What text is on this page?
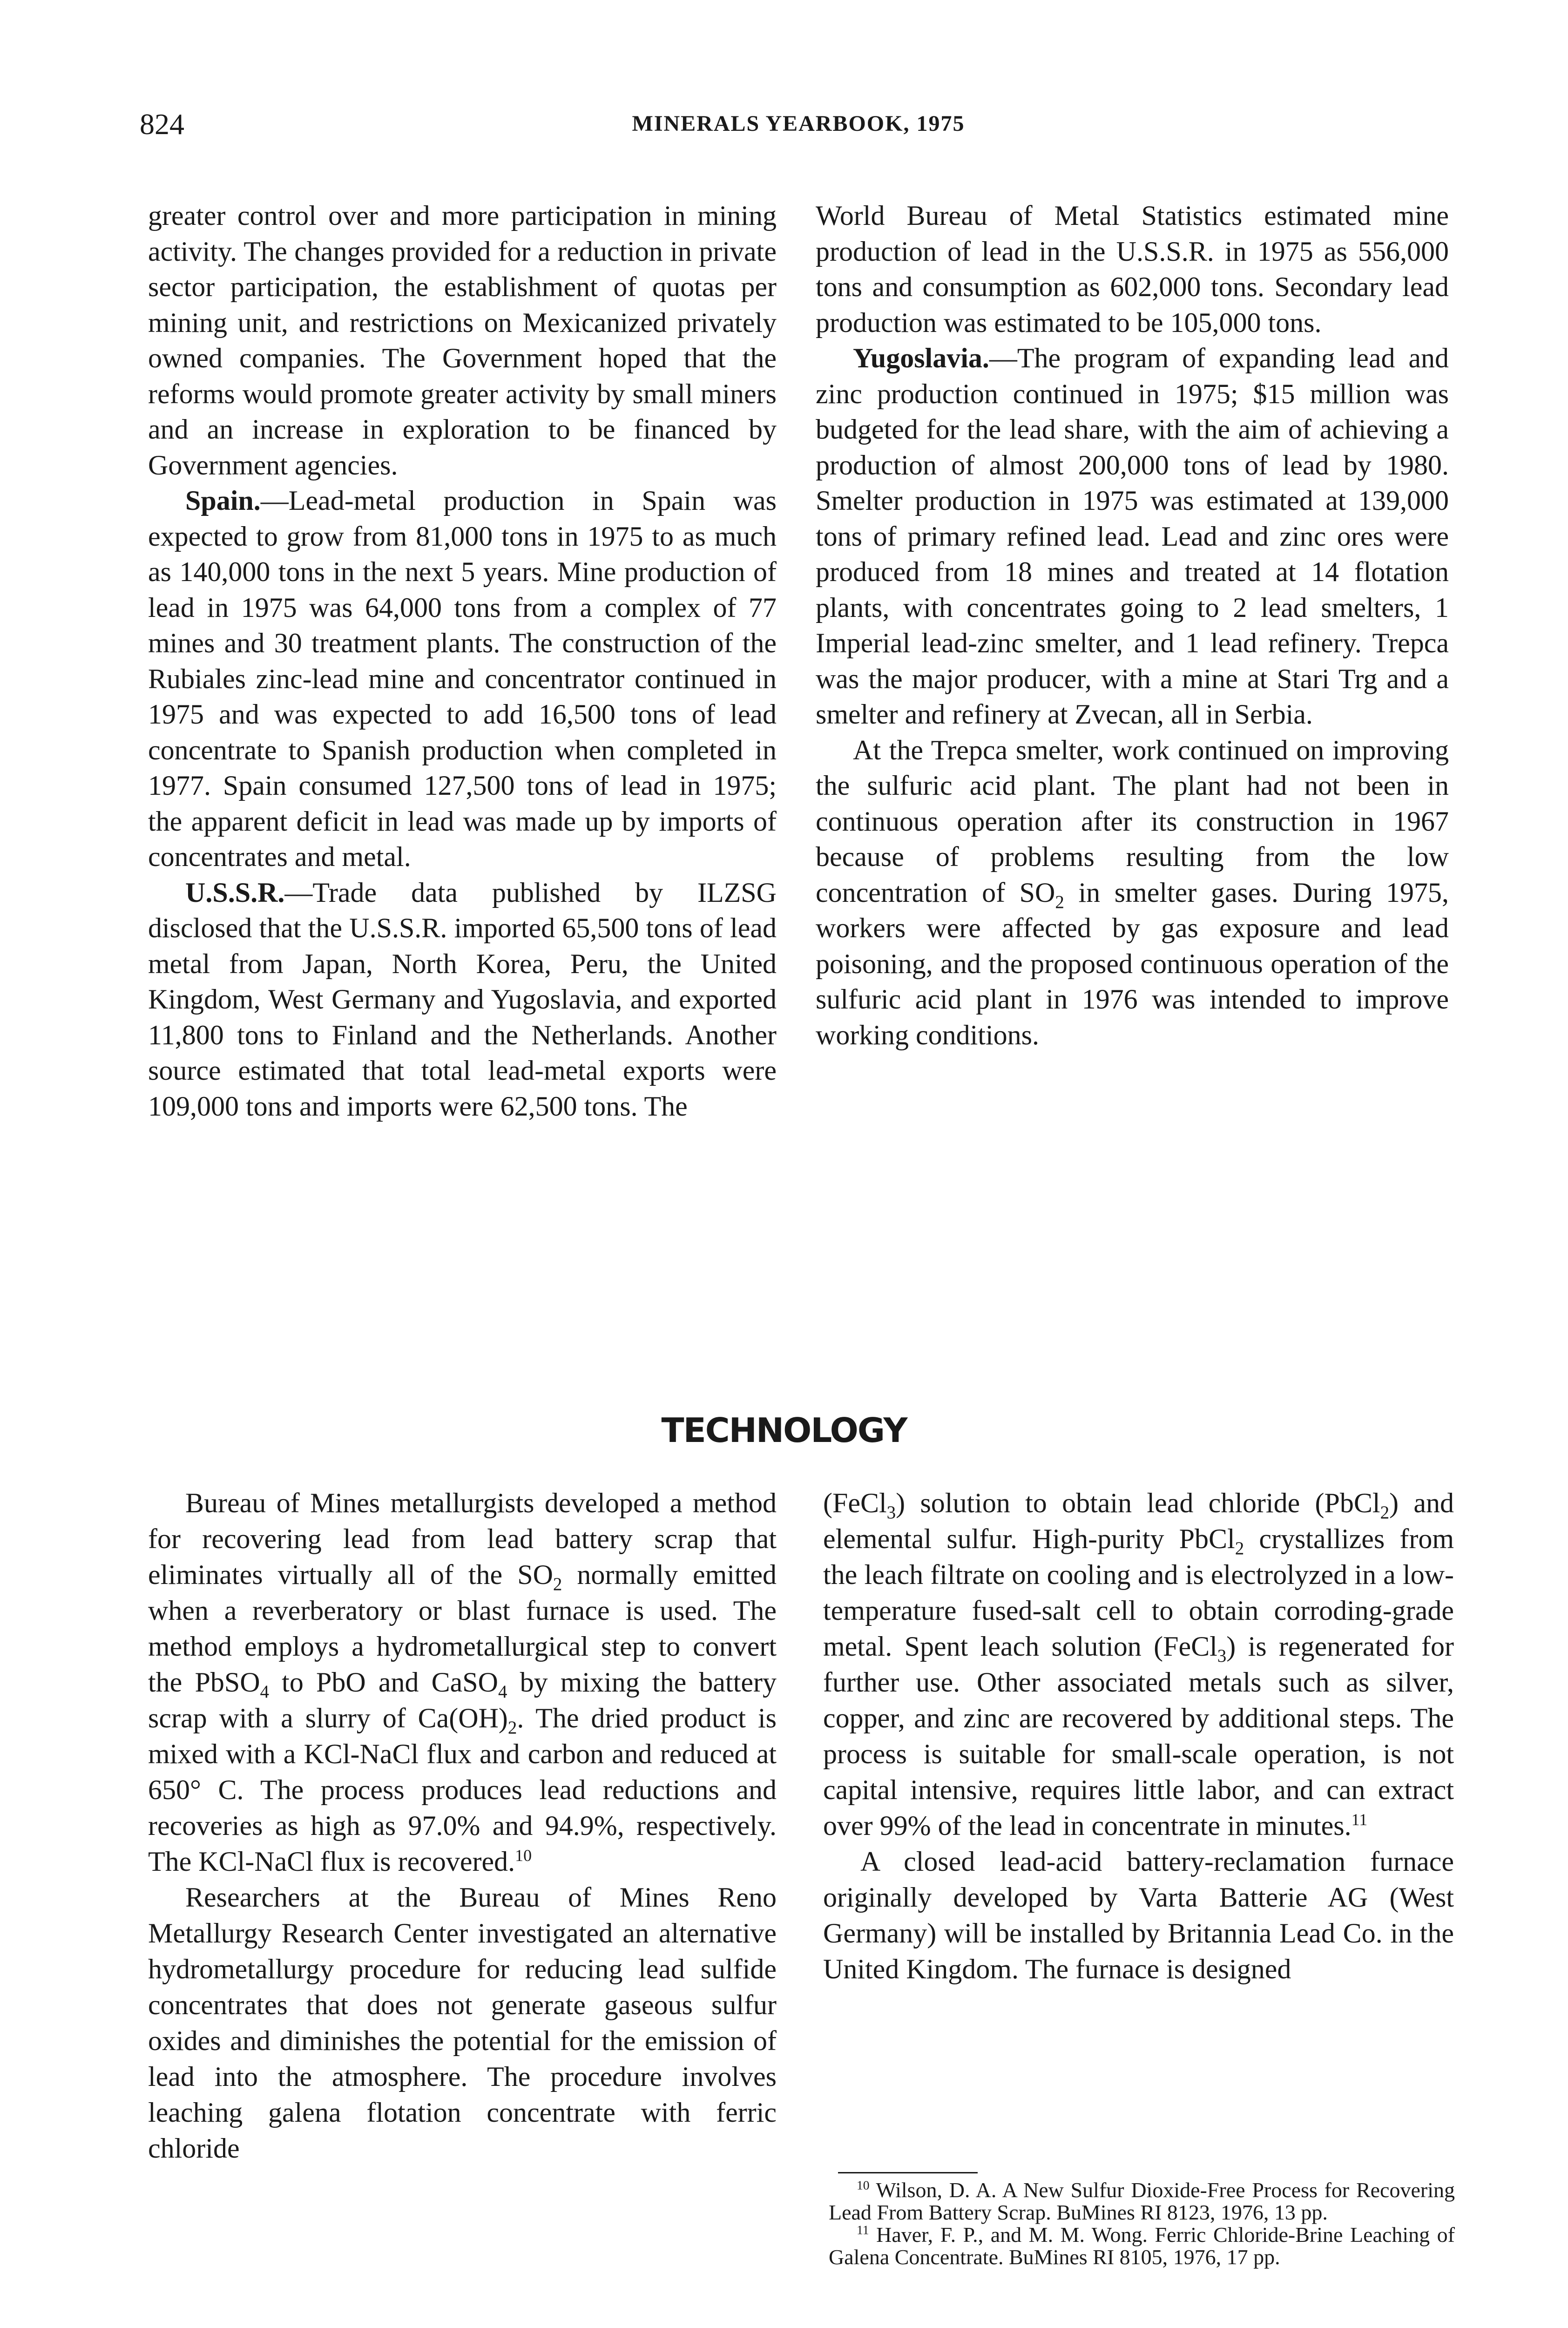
824	MINERALS YEARBOOK, 1975

greater control over and more participation in mining activity. The changes provided for a reduction in private sector participation, the establishment of quotas per mining unit, and restrictions on Mexicanized privately owned companies. The Government hoped that the reforms would promote greater activity by small miners and an increase in exploration to be financed by Government agencies.

Spain.—Lead-metal production in Spain was expected to grow from 81,000 tons in 1975 to as much as 140,000 tons in the next 5 years. Mine production of lead in 1975 was 64,000 tons from a complex of 77 mines and 30 treatment plants. The construction of the Rubiales zinc-lead mine and concentrator continued in 1975 and was expected to add 16,500 tons of lead concentrate to Spanish production when completed in 1977. Spain consumed 127,500 tons of lead in 1975; the apparent deficit in lead was made up by imports of concentrates and metal.

U.S.S.R.—Trade data published by ILZSG disclosed that the U.S.S.R. imported 65,500 tons of lead metal from Japan, North Korea, Peru, the United Kingdom, West Germany and Yugoslavia, and exported 11,800 tons to Finland and the Netherlands. Another source estimated that total lead-metal exports were 109,000 tons and imports were 62,500 tons. The

World Bureau of Metal Statistics estimated mine production of lead in the U.S.S.R. in 1975 as 556,000 tons and consumption as 602,000 tons. Secondary lead production was estimated to be 105,000 tons.

Yugoslavia.—The program of expanding lead and zinc production continued in 1975; $15 million was budgeted for the lead share, with the aim of achieving a production of almost 200,000 tons of lead by 1980. Smelter production in 1975 was estimated at 139,000 tons of primary refined lead. Lead and zinc ores were produced from 18 mines and treated at 14 flotation plants, with concentrates going to 2 lead smelters, 1 Imperial lead-zinc smelter, and 1 lead refinery. Trepca was the major producer, with a mine at Stari Trg and a smelter and refinery at Zvecan, all in Serbia.

At the Trepca smelter, work continued on improving the sulfuric acid plant. The plant had not been in continuous operation after its construction in 1967 because of problems resulting from the low concentration of $SO_2$ in smelter gases. During 1975, workers were affected by gas exposure and lead poisoning, and the proposed continuous operation of the sulfuric acid plant in 1976 was intended to improve working conditions.

TECHNOLOGY

Bureau of Mines metallurgists developed a method for recovering lead from lead battery scrap that eliminates virtually all of the $SO_2$ normally emitted when a reverberatory or blast furnace is used. The method employs a hydrometallurgical step to convert the PbSO$_4$ to PbO and CaSO$_4$ by mixing the battery scrap with a slurry of $Ca(OH)_2$. The dried product is mixed with a KCl-NaCl flux and carbon and reduced at 650° C. The process produces lead reductions and recoveries as high as 97.0% and 94.9%, respectively. The KCl-NaCl flux is recovered.$^{10}$

Researchers at the Bureau of Mines Reno Metallurgy Research Center investigated an alternative hydrometallurgy procedure for reducing lead sulfide concentrates that does not generate gaseous sulfur oxides and diminishes the potential for the emission of lead into the atmosphere. The procedure involves leaching galena flotation concentrate with ferric chloride

(FeCl$_3$) solution to obtain lead chloride (PbCl$_2$) and elemental sulfur. High-purity PbCl$_2$ crystallizes from the leach filtrate on cooling and is electrolyzed in a low-temperature fused-salt cell to obtain corroding-grade metal. Spent leach solution (FeCl$_3$) is regenerated for further use. Other associated metals such as silver, copper, and zinc are recovered by additional steps. The process is suitable for small-scale operation, is not capital intensive, requires little labor, and can extract over 99% of the lead in concentrate in minutes.$^{11}$

A closed lead-acid battery-reclamation furnace originally developed by Varta Batterie AG (West Germany) will be installed by Britannia Lead Co. in the United Kingdom. The furnace is designed

$^{10}$ Wilson, D. A. A New Sulfur Dioxide-Free Process for Recovering Lead From Battery Scrap. BuMines RI 8123, 1976, 13 pp.

$^{11}$ Haver, F. P., and M. M. Wong. Ferric Chloride-Brine Leaching of Galena Concentrate. BuMines RI 8105, 1976, 17 pp.
